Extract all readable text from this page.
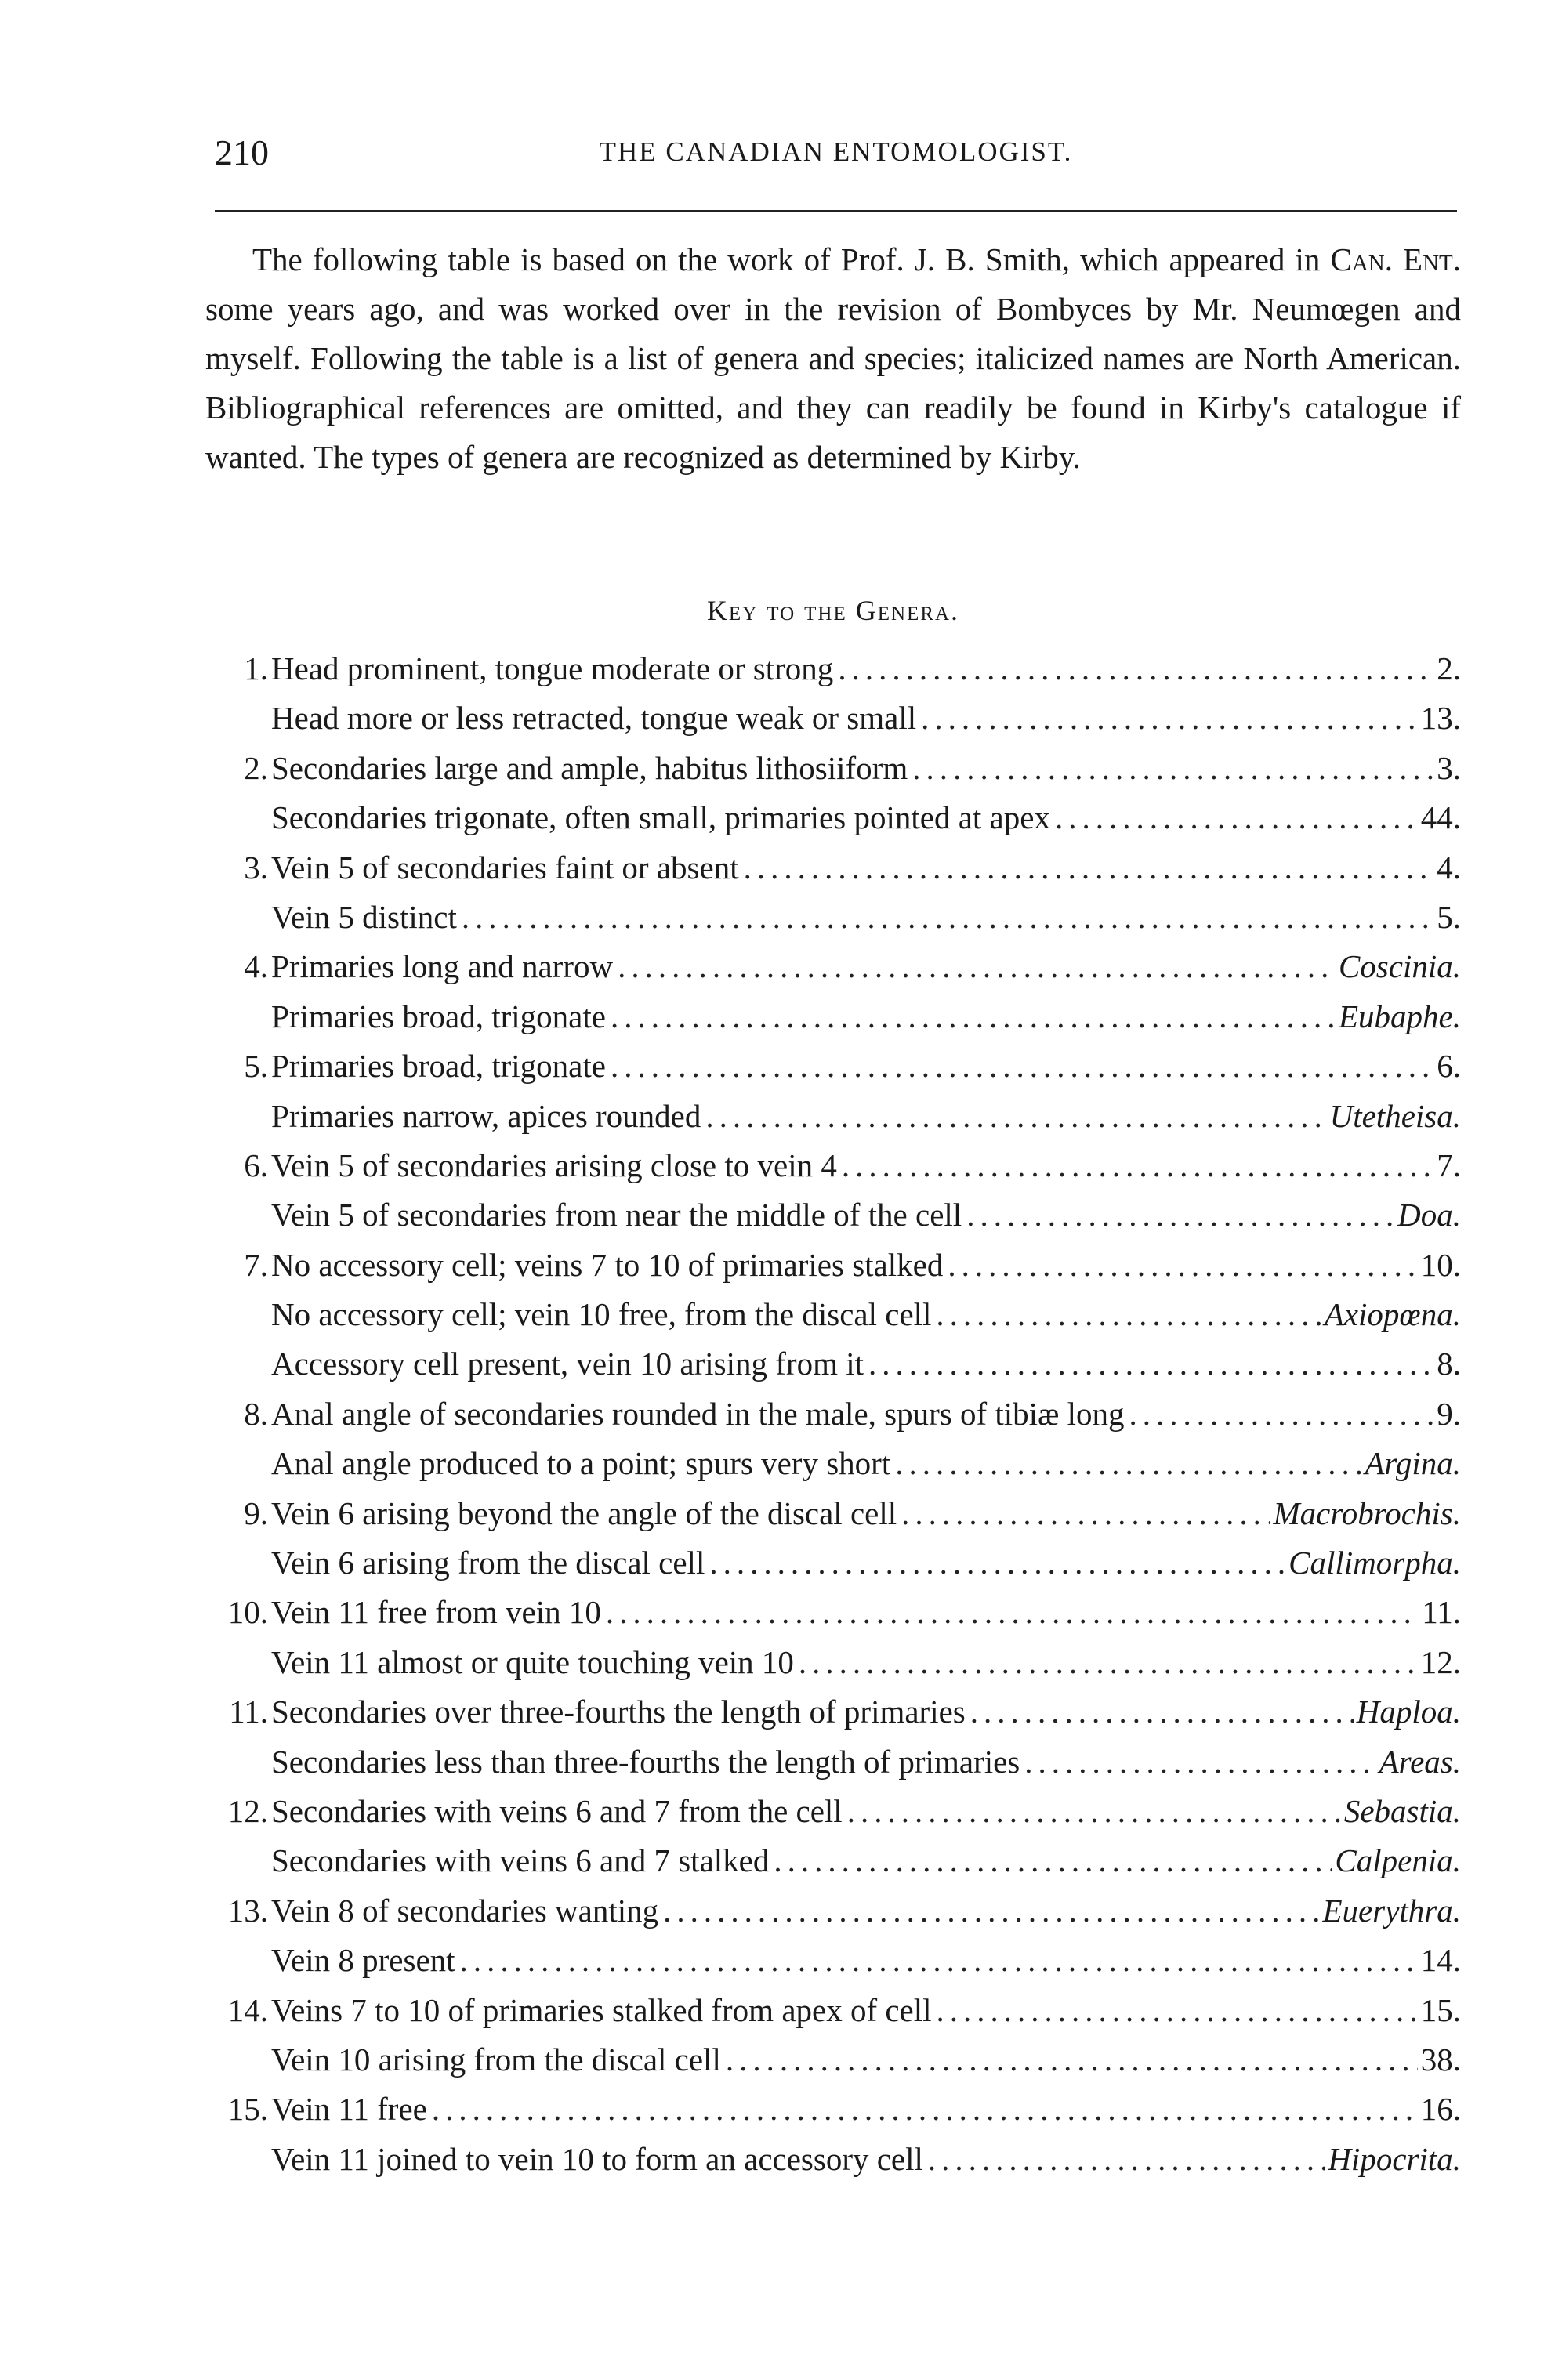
210	THE CANADIAN ENTOMOLOGIST.

The following table is based on the work of Prof. J. B. Smith, which appeared in Can. Ent. some years ago, and was worked over in the revision of Bombyces by Mr. Neumœgen and myself. Following the table is a list of genera and species; italicized names are North American. Bibliographical references are omitted, and they can readily be found in Kirby's catalogue if wanted. The types of genera are recognized as determined by Kirby.

Key to the Genera.
1. Head prominent, tongue moderate or strong .....	2.
Head more or less retracted, tongue weak or small .....	13.
2. Secondaries large and ample, habitus lithosiiform .....	3.
Secondaries trigonate, often small, primaries pointed at apex .....	44.
3. Vein 5 of secondaries faint or absent .....	4.
Vein 5 distinct .....	5.
4. Primaries long and narrow .....	Coscinia.
Primaries broad, trigonate .....	Eubaphe.
5. Primaries broad, trigonate .....	6.
Primaries narrow, apices rounded .....	Utetheisa.
6. Vein 5 of secondaries arising close to vein 4 .....	7.
Vein 5 of secondaries from near the middle of the cell .....	Doa.
7. No accessory cell; veins 7 to 10 of primaries stalked .....	10.
No accessory cell; vein 10 free, from the discal cell .....	Axiopœna.
Accessory cell present, vein 10 arising from it .....	8.
8. Anal angle of secondaries rounded in the male, spurs of tibiæ long .....	9.
Anal angle produced to a point; spurs very short .....	Argina.
9. Vein 6 arising beyond the angle of the discal cell .....	Macrobrochis.
Vein 6 arising from the discal cell .....	Callimorpha.
10. Vein 11 free from vein 10 .....	11.
Vein 11 almost or quite touching vein 10 .....	12.
11. Secondaries over three-fourths the length of primaries .....	Haploa.
Secondaries less than three-fourths the length of primaries .....	Areas.
12. Secondaries with veins 6 and 7 from the cell .....	Sebastia.
Secondaries with veins 6 and 7 stalked .....	Calpenia.
13. Vein 8 of secondaries wanting .....	Euerythra.
Vein 8 present .....	14.
14. Veins 7 to 10 of primaries stalked from apex of cell .....	15.
Vein 10 arising from the discal cell .....	38.
15. Vein 11 free .....	16.
Vein 11 joined to vein 10 to form an accessory cell .....	Hipocrita.
